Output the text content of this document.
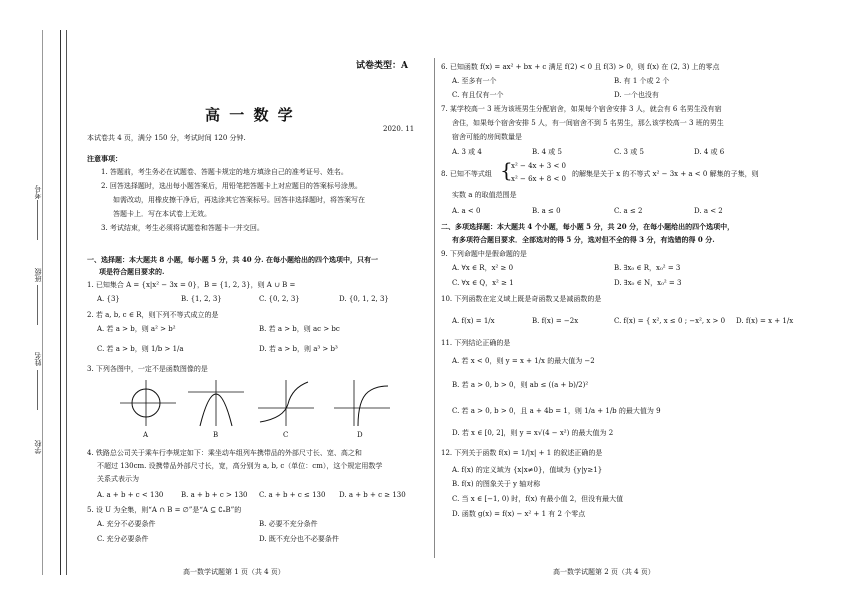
考号
班级
姓名
学校
试卷类型：A
高 一 数 学
2020. 11
本试卷共 4 页，满分 150 分，考试时间 120 分钟.
注意事项：
1. 答题前，考生务必在试题卷、答题卡规定的地方填涂自己的准考证号、姓名。
2. 回答选择题时，选出每小题答案后，用铅笔把答题卡上对应题目的答案标号涂黑。
如需改动，用橡皮擦干净后，再选涂其它答案标号。回答非选择题时，将答案写在
答题卡上．写在本试卷上无效。
3. 考试结束，考生必须将试题卷和答题卡一并交回。
一、选择题：本大题共 8 小题，每小题 5 分，共 40 分. 在每小题给出的四个选项中，只有一
项是符合题目要求的.
1. 已知集合 A = {x|x² − 3x = 0}，B = {1, 2, 3}，则 A ∪ B =
A. {3}	B. {1, 2, 3}	C. {0, 2, 3}	D. {0, 1, 2, 3}
2. 若 a, b, c ∈ R，则下列不等式成立的是
A. 若 a > b，则 a² > b²	B. 若 a > b，则 ac > bc
C. 若 a > b，则 1/b > 1/a	D. 若 a > b，则 a³ > b³
3. 下列各图中，一定不是函数图像的是
A	B	C	D
4. 铁路总公司关于乘车行李规定如下：乘坐动车组列车携带品的外部尺寸长、宽、高之和
不超过 130cm. 设携带品外部尺寸长，宽，高分别为 a, b, c（单位：cm），这个规定用数学
关系式表示为
A. a + b + c < 130	B. a + b + c > 130 C. a + b + c ≤ 130 D. a + b + c ≥ 130
5. 设 U 为全集，则“A ∩ B = ∅”是“A ⊆ ∁ᵤB”的
A. 充分不必要条件	B. 必要不充分条件
C. 充分必要条件	D. 既不充分也不必要条件
高一数学试题第 1 页（共 4 页）
6. 已知函数 f(x) = ax² + bx + c 满足 f(2) < 0 且 f(3) > 0，则 f(x) 在 (2, 3) 上的零点
A. 至多有一个	B. 有 1 个或 2 个
C. 有且仅有一个	D. 一个也没有
7. 某学校高一 3 班为该班男生分配宿舍，如果每个宿舍安排 3 人，就会有 6 名男生没有宿
舍住，如果每个宿舍安排 5 人，有一间宿舍不到 5 名男生，那么该学校高一 3 班的男生
宿舍可能的房间数量是
A. 3 或 4	B. 4 或 5	C. 3 或 5	D. 4 或 6
8. 已知不等式组 {
x² − 4x + 3 < 0
x² − 6x + 8 < 0
的解集是关于 x 的不等式 x² − 3x + a < 0 解集的子集，则
实数 a 的取值范围是
A. a < 0	B. a ≤ 0	C. a ≤ 2	D. a < 2
二、多项选择题：本大题共 4 个小题，每小题 5 分，共 20 分，在每小题给出的四个选项中，
有多项符合题目要求．全部选对的得 5 分，选对但不全的得 3 分，有选错的得 0 分.
9. 下列命题中是假命题的是
A. ∀x ∈ R，x² ≥ 0	B. ∃x₀ ∈ R，x₀² = 3
C. ∀x ∈ Q，x² ≥ 1	D. ∃x₀ ∈ N，x₀² = 3
10. 下列函数在定义域上既是奇函数又是减函数的是
A. f(x) = 1/x	B. f(x) = −2x	C. f(x) = { x², x ≤ 0 ; −x², x > 0 D. f(x) = x + 1/x
11. 下列结论正确的是
A. 若 x < 0，则 y = x + 1/x 的最大值为 −2
B. 若 a > 0, b > 0，则 ab ≤ ((a + b)/2)²
C. 若 a > 0, b > 0，且 a + 4b = 1，则 1/a + 1/b 的最大值为 9
D. 若 x ∈ [0, 2]，则 y = x√(4 − x²) 的最大值为 2
12. 下列关于函数 f(x) = 1/|x| + 1 的叙述正确的是
A. f(x) 的定义域为 {x|x≠0}，值域为 {y|y≥1}
B. f(x) 的图象关于 y 轴对称
C. 当 x ∈ [−1, 0) 时，f(x) 有最小值 2，但没有最大值
D. 函数 g(x) = f(x) − x² + 1 有 2 个零点
高一数学试题第 2 页（共 4 页）
